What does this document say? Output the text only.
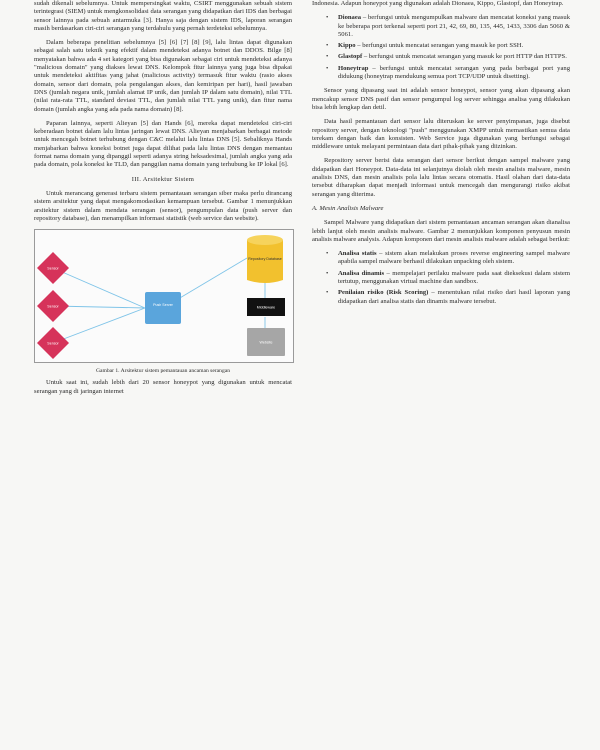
sudah dikenali sebelumnya. Untuk mempersingkat waktu, CSIRT menggunakan sebuah sistem terintegrasi (SIEM) untuk mengkonsolidasi data serangan yang didapatkan dari IDS dan berbagai sensor lainnya pada sebuah antarmuka [3]. Hanya saja dengan sistem IDS, laporan serangan masih berdasarkan ciri-ciri serangan yang terdahulu yang pernah terdeteksi sebelumnya.

Dalam beberapa penelitian sebelumnya [5] [6] [7] [8] [9], lalu lintas dapat digunakan sebagai salah satu teknik yang efektif dalam mendeteksi adanya botnet dan DDOS. Bilge [8] menyatakan bahwa ada 4 set kategori yang bisa digunakan sebagai ciri untuk mendeteksi adanya "malicious domain" yang diakses lewat DNS. Kelompok fitur lainnya yang juga bisa dipakai untuk mendeteksi aktifitas yang jahat (malicious activity) termasuk fitur waktu (rasio akses domain, sensor dari domain, pola pengulangan akses, dan kemiripan per hari), hasil jawaban DNS (jumlah negara unik, jumlah alamat IP unik, dan jumlah IP dalam satu domain), nilai TTL (nilai rata-rata TTL, standard deviasi TTL, dan jumlah nilai TTL yang unik), dan fitur nama domain (jumlah angka yang ada pada nama domain) [8].

Paparan lainnya, seperti Alieyan [5] dan Hands [6], mereka dapat mendeteksi ciri-ciri keberadaan botnet dalam lalu lintas jaringan lewat DNS. Alieyan menjabarkan berbagai metode untuk mencegah botnet terhubung dengan C&C melalui lalu lintas DNS [5]. Sebaliknya Hands menjabarkan bahwa koneksi botnet juga dapat dilihat pada lalu lintas DNS dengan memantau format nama domain yang dipanggil seperti adanya string heksadesimal, jumlah angka yang ada pada domain, pola koneksi ke TLD, dan panggilan nama domain yang terhubung ke IP lokal [6].

III. Arsitektur Sistem

Untuk merancang generasi terbaru sistem pemantauan serangan siber maka perlu dirancang sistem arsitektur yang dapat mengakomodasikan kemampuan tersebut. Gambar 1 menunjukkan arsitektur sistem dalam mendata serangan (sensor), pengumpulan data (push server dan repository database), dan menampilkan informasi statistik (web service dan website).

Sensor
Sensor
Sensor
Push Server
Repository Database
Middleware
Website

Gambar 1. Arsitektur sistem pemantauan ancaman serangan

Untuk saat ini, sudah lebih dari 20 sensor honeypot yang digunakan untuk mencatat serangan yang di jaringan internet

Indonesia. Adapun honeypot yang digunakan adalah Dionaea, Kippo, Glastopf, dan Honeytrap.

• Dionaea – berfungsi untuk mengumpulkan malware dan mencatat koneksi yang masuk ke beberapa port terkenal seperti port 21, 42, 69, 80, 135, 445, 1433, 3306 dan 5060 & 5061.
• Kippo – berfungsi untuk mencatat serangan yang masuk ke port SSH.
• Glastopf – berfungsi untuk mencatat serangan yang masuk ke port HTTP dan HTTPS.
• Honeytrap – berfungsi untuk mencatat serangan yang pada berbagai port yang didukung (honeytrap mendukung semua port TCP/UDP untuk disetting).

Sensor yang dipasang saat ini adalah sensor honeypot, sensor yang akan dipasang akan mencakup sensor DNS pasif dan sensor pengumpul log server sehingga analisa yang dilakukan bisa lebih lengkap dan detil.

Data hasil pemantauan dari sensor lalu diteruskan ke server penyimpanan, juga disebut repository server, dengan teknologi "push" menggunakan XMPP untuk memastikan semua data terekam dengan baik dan konsisten. Web Service juga digunakan yang berfungsi sebagai middleware untuk melayani permintaan data dari pihak-pihak yang diizinkan.

Repository server berisi data serangan dari sensor berikut dengan sampel malware yang didapatkan dari Honeypot. Data-data ini selanjutnya diolah oleh mesin analisis malware, mesin analisis DNS, dan mesin analisis pola lalu lintas secara otomatis. Hasil olahan dari data-data tersebut diharapkan dapat menjadi informasi untuk mencegah dan mengurangi risiko akibat serangan yang diterima.

A. Mesin Analisis Malware

Sampel Malware yang didapatkan dari sistem pemantauan ancaman serangan akan dianalisa lebih lanjut oleh mesin analisis malware. Gambar 2 menunjukkan komponen penyusun mesin analisis malware analysis. Adapun komponen dari mesin analisis malware adalah sebagai berikut:

• Analisa statis – sistem akan melakukan proses reverse engineering sampel malware apabila sampel malware berhasil dilakukan unpacking oleh sistem.
• Analisa dinamis – mempelajari perilaku malware pada saat dieksekusi dalam sistem tertutup, menggunakan virtual machine dan sandbox.
• Penilaian risiko (Risk Scoring) – menentukan nilai risiko dari hasil laporan yang didapatkan dari analisa statis dan dinamis malware tersebut.
